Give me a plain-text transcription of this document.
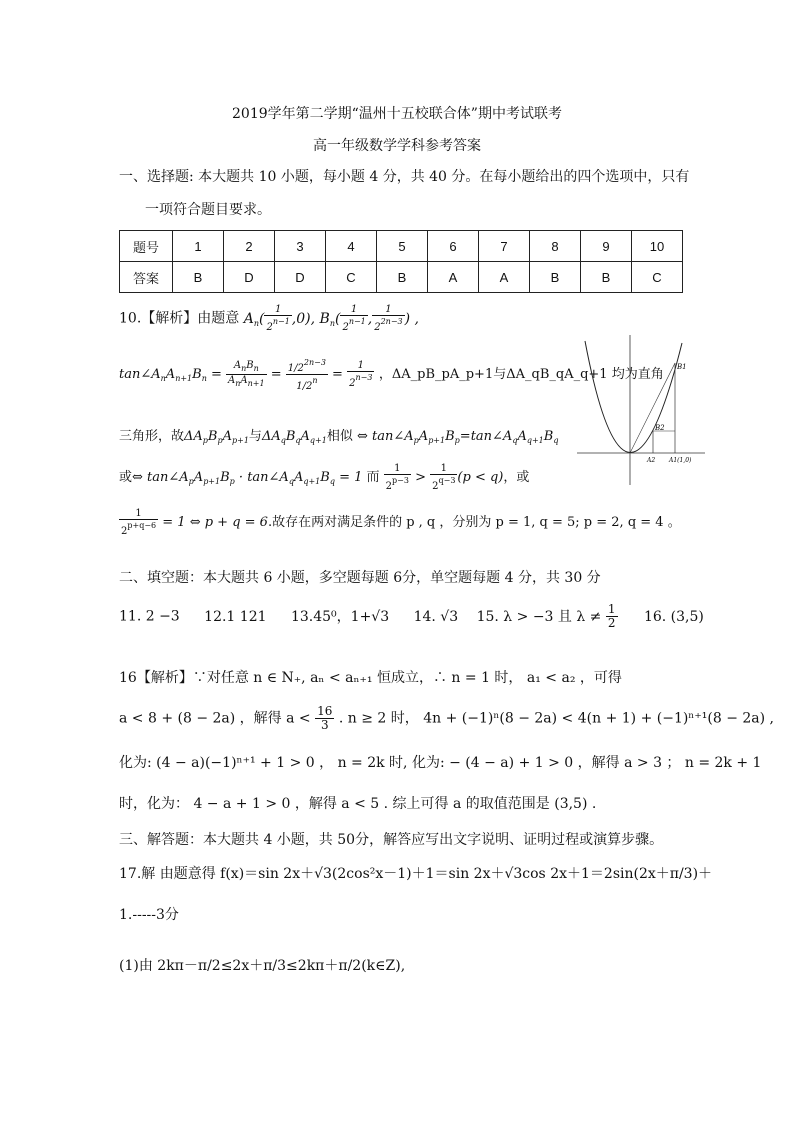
2019学年第二学期“温州十五校联合体”期中考试联考
高一年级数学学科参考答案
一、选择题: 本大题共 10 小题，每小题 4 分，共 40 分。在每小题给出的四个选项中，只有
一项符合题目要求。
题号	1	2	3	4	5	6	7	8	9	10
答案	B	D	D	C	B	A	A	B	B	C
10.【解析】由题意 $A_n( \frac{1}{2^{n-1}} ,0)$, $B_n( \frac{1}{2^{n-1}}$ , $\frac{1}{2^{2n-3}}$ ) ,
$\tan\angle A_nA_{n+1}B_n = \frac{A_nB_n}{A_nA_{n+1}} = \frac{1/2^{2n-3}}{1/2^n} = \frac{1}{2^{n-3}}$ ，ΔA_pB_pA_p+1与ΔA_qB_qA_q+1 均为直角
三角形，故$\Delta A_pB_pA_{p+1}$与$\Delta A_qB_qA_{q+1}$相似 ⇔ $\tan\angle A_pA_{p+1}B_p=\tan\angle A_qA_{q+1}B_q$
或⇔ $\tan\angle A_pA_{p+1}B_p$ · $\tan\angle A_qA_{q+1}B_q = 1$ 而 $\frac{1}{2^{p-3}} > \frac{1}{2^{q-3}} (p < q)$，或
$\frac{1}{2^{p+q-6}} = 1$ ⇔ p + q = 6.故存在两对满足条件的 p , q ，分别为 p = 1, q = 5; p = 2, q = 4 。
B1
B2
A2 A1(1,0)
二、填空题：本大题共 6 小题，多空题每题 6分，单空题每题 4 分，共 30 分
11. 2 −3 12.1 121 13.45⁰，1+√3 14. √3 15. λ > −3 且 $\lambda \ne \frac{1}{2} 16$. (3,5)
16【解析】∵对任意 n ∈ N₊, aₙ < aₙ₊₁ 恒成立，∴ n = 1 时， a₁ < a₂ ，可得
a < 8 + (8 − 2a) ，解得 $a < \frac{16}{3}$ . n ≥ 2 时， 4n + (−1)ⁿ(8 − 2a) < 4(n + 1) + (−1)ⁿ⁺¹(8 − 2a) ,
化为: (4 − a)(−1)ⁿ⁺¹ + 1 > 0 ， n = 2k 时, 化为: − (4 − a) + 1 > 0 ，解得 a > 3 ； n = 2k + 1
时，化为： 4 − a + 1 > 0 ，解得 a < 5 . 综上可得 a 的取值范围是 (3,5) .
三、解答题：本大题共 4 小题，共 50分，解答应写出文字说明、证明过程或演算步骤。
17.解 由题意得 f(x)＝sin 2x＋√3(2cos²x－1)＋1＝sin 2x＋√3cos 2x＋1＝2sin(2x＋π/3)＋
1.-----3分
(1)由 2kπ－π/2≤2x＋π/3≤2kπ＋π/2(k∈Z),
